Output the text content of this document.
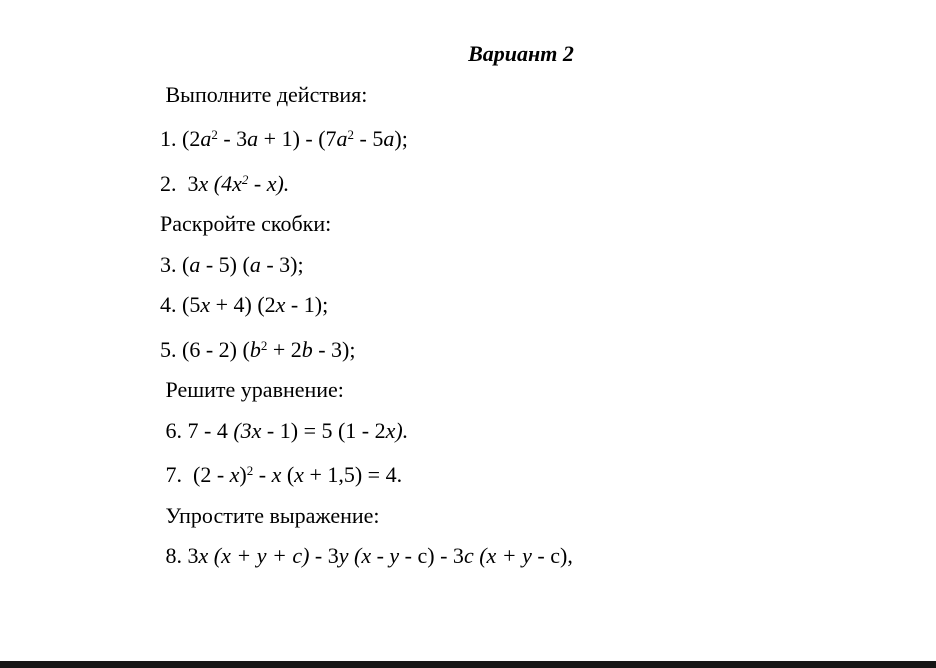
Вариант 2
Выполните действия:
1. $(2a^2 - 3a + 1) - (7a^2 - 5a)$;
2.  3x $(4x^2 - x)$.
Раскройте скобки:
3. (a - 5) (a - 3);
4. (5x + 4) (2x - 1);
5. (6 - 2) $(b^2 + 2b - 3)$;
Решите уравнение:
6. 7 - 4 (3x - 1) = 5 (1 - 2x).
7.  (2 - x)$^2$ - x (x + 1,5) = 4.
Упростите выражение:
8. 3x (x + y + c) - 3y (x - y - c) - 3c (x + y - c),
